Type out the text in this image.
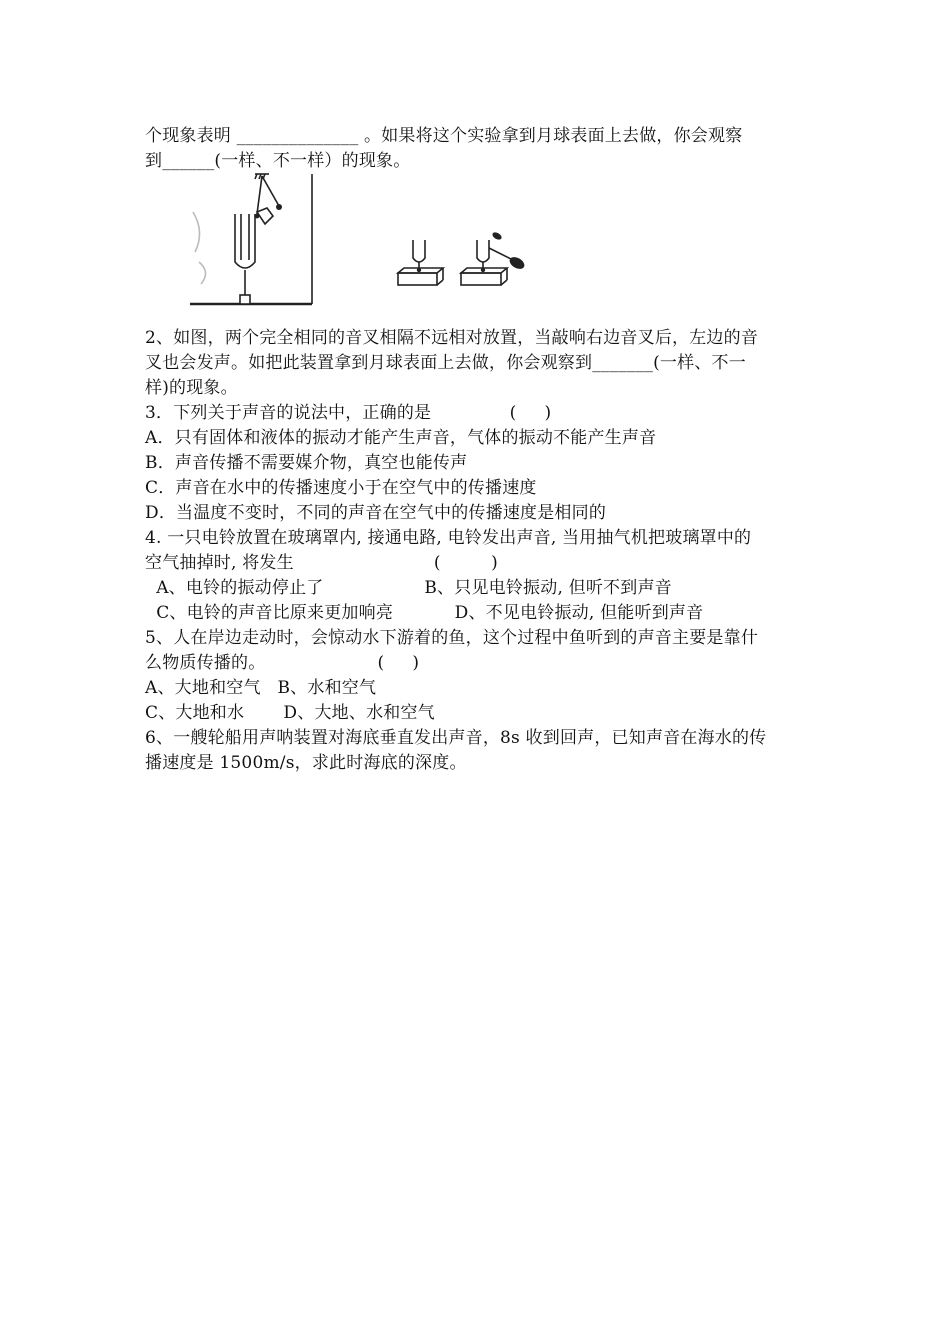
个现象表明 ______________ 。如果将这个实验拿到月球表面上去做，你会观察
到______(一样、不一样）的现象。
2、如图，两个完全相同的音叉相隔不远相对放置，当敲响右边音叉后，左边的音
叉也会发声。如把此装置拿到月球表面上去做，你会观察到_______(一样、不一
样)的现象。
3．下列关于声音的说法中，正确的是              (     )
A．只有固体和液体的振动才能产生声音，气体的振动不能产生声音
B．声音传播不需要媒介物，真空也能传声
C．声音在水中的传播速度小于在空气中的传播速度
D．当温度不变时，不同的声音在空气中的传播速度是相同的
4. 一只电铃放置在玻璃罩内, 接通电路, 电铃发出声音, 当用抽气机把玻璃罩中的
空气抽掉时, 将发生                         (         )
A、电铃的振动停止了                  B、只见电铃振动, 但听不到声音
C、电铃的声音比原来更加响亮           D、不见电铃振动, 但能听到声音
5、人在岸边走动时，会惊动水下游着的鱼，这个过程中鱼听到的声音主要是靠什
么物质传播的。                    (     )
A、大地和空气   B、水和空气
C、大地和水       D、大地、水和空气
6、一艘轮船用声呐装置对海底垂直发出声音，8s 收到回声，已知声音在海水的传
播速度是 1500m/s，求此时海底的深度。
